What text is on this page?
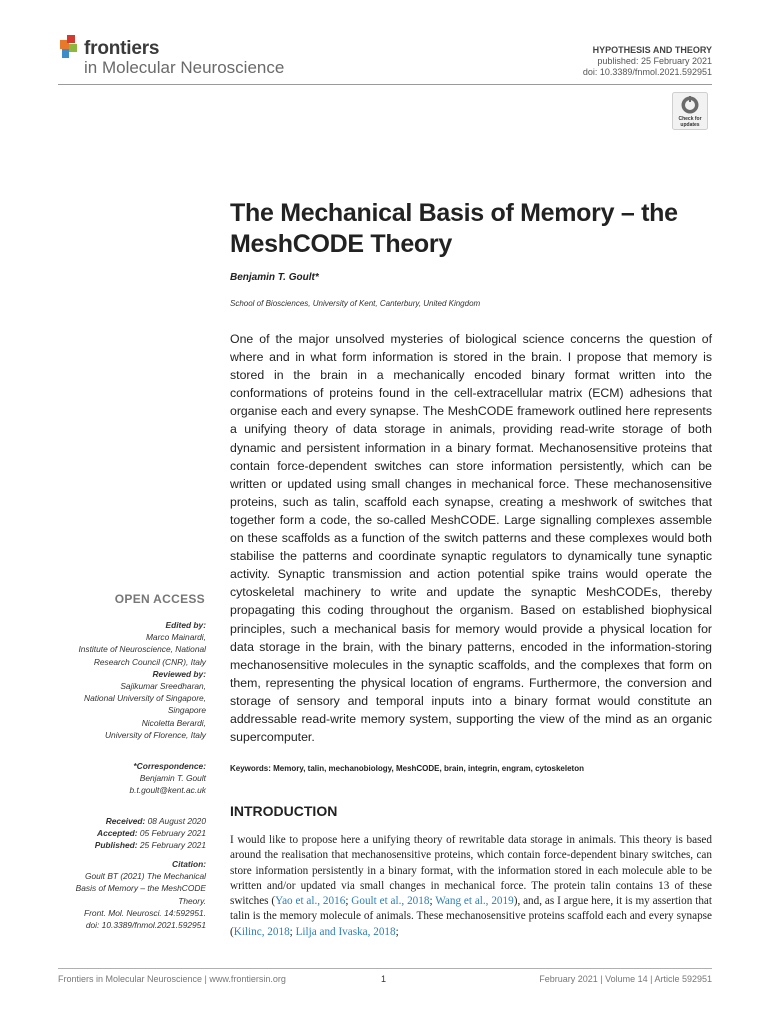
frontiers
in Molecular Neuroscience
HYPOTHESIS AND THEORY
published: 25 February 2021
doi: 10.3389/fnmol.2021.592951
Check for
updates
The Mechanical Basis of Memory – the MeshCODE Theory
Benjamin T. Goult*
School of Biosciences, University of Kent, Canterbury, United Kingdom
One of the major unsolved mysteries of biological science concerns the question of where and in what form information is stored in the brain. I propose that memory is stored in the brain in a mechanically encoded binary format written into the conformations of proteins found in the cell-extracellular matrix (ECM) adhesions that organise each and every synapse. The MeshCODE framework outlined here represents a unifying theory of data storage in animals, providing read-write storage of both dynamic and persistent information in a binary format. Mechanosensitive proteins that contain force-dependent switches can store information persistently, which can be written or updated using small changes in mechanical force. These mechanosensitive proteins, such as talin, scaffold each synapse, creating a meshwork of switches that together form a code, the so-called MeshCODE. Large signalling complexes assemble on these scaffolds as a function of the switch patterns and these complexes would both stabilise the patterns and coordinate synaptic regulators to dynamically tune synaptic activity. Synaptic transmission and action potential spike trains would operate the cytoskeletal machinery to write and update the synaptic MeshCODEs, thereby propagating this coding throughout the organism. Based on established biophysical principles, such a mechanical basis for memory would provide a physical location for data storage in the brain, with the binary patterns, encoded in the information-storing mechanosensitive molecules in the synaptic scaffolds, and the complexes that form on them, representing the physical location of engrams. Furthermore, the conversion and storage of sensory and temporal inputs into a binary format would constitute an addressable read-write memory system, supporting the view of the mind as an organic supercomputer.
Keywords: Memory, talin, mechanobiology, MeshCODE, brain, integrin, engram, cytoskeleton
INTRODUCTION
I would like to propose here a unifying theory of rewritable data storage in animals. This theory is based around the realisation that mechanosensitive proteins, which contain force-dependent binary switches, can store information persistently in a binary format, with the information stored in each molecule able to be written and/or updated via small changes in mechanical force. The protein talin contains 13 of these switches (Yao et al., 2016; Goult et al., 2018; Wang et al., 2019), and, as I argue here, it is my assertion that talin is the memory molecule of animals. These mechanosensitive proteins scaffold each and every synapse (Kilinc, 2018; Lilja and Ivaska, 2018;
OPEN ACCESS
Edited by:
Marco Mainardi,
Institute of Neuroscience, National
Research Council (CNR), Italy
Reviewed by:
Sajikumar Sreedharan,
National University of Singapore,
Singapore
Nicoletta Berardi,
University of Florence, Italy
*Correspondence:
Benjamin T. Goult
b.t.goult@kent.ac.uk
Received: 08 August 2020
Accepted: 05 February 2021
Published: 25 February 2021
Citation:
Goult BT (2021) The Mechanical
Basis of Memory – the MeshCODE
Theory.
Front. Mol. Neurosci. 14:592951.
doi: 10.3389/fnmol.2021.592951
Frontiers in Molecular Neuroscience | www.frontiersin.org	1	February 2021 | Volume 14 | Article 592951
